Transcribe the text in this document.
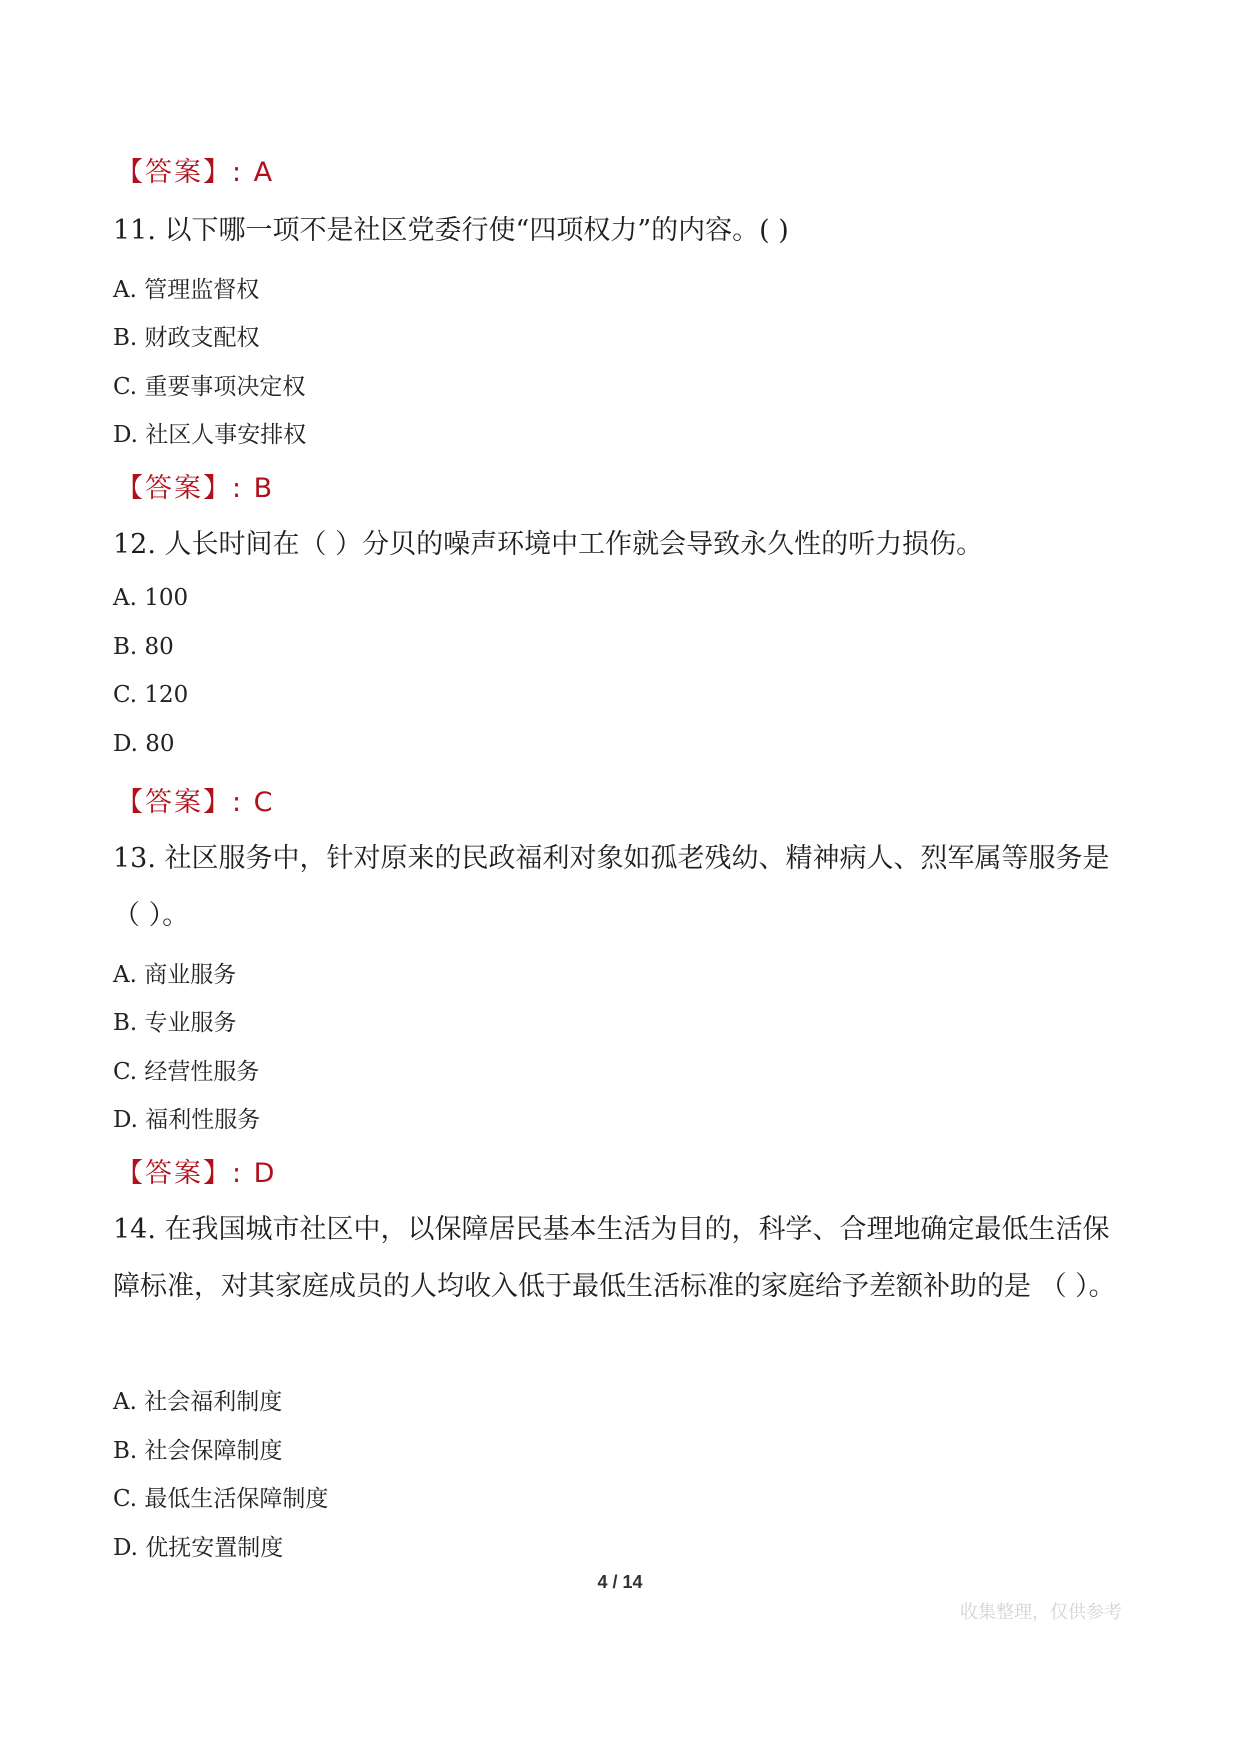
【答案】: A
11. 以下哪一项不是社区党委行使“四项权力”的内容。( )
A. 管理监督权
B. 财政支配权
C. 重要事项决定权
D. 社区人事安排权
【答案】: B
12. 人长时间在（ ）分贝的噪声环境中工作就会导致永久性的听力损伤。
A. 100
B. 80
C. 120
D. 80
【答案】: C
13. 社区服务中，针对原来的民政福利对象如孤老残幼、精神病人、烈军属等服务是 （ ）。
A. 商业服务
B. 专业服务
C. 经营性服务
D. 福利性服务
【答案】: D
14. 在我国城市社区中，以保障居民基本生活为目的，科学、合理地确定最低生活保障标准，对其家庭成员的人均收入低于最低生活标准的家庭给予差额补助的是 （ ）。
A. 社会福利制度
B. 社会保障制度
C. 最低生活保障制度
D. 优抚安置制度
4 / 14
收集整理，仅供参考
